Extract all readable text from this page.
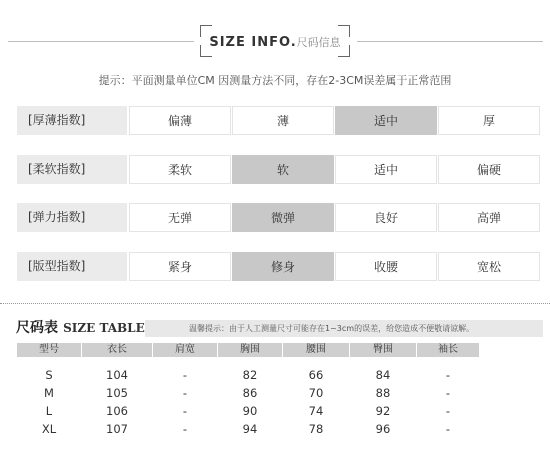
SIZE INFO.尺码信息
提示：平面测量单位CM 因测量方法不同，存在2-3CM误差属于正常范围
[厚薄指数]	偏薄	薄	适中	厚
[柔软指数]	柔软	软	适中	偏硬
[弹力指数]	无弹	微弹	良好	高弹
[版型指数]	紧身	修身	收腰	宽松
尺码表 SIZE TABLE	温馨提示：由于人工测量尺寸可能存在1~3cm的误差，给您造成不便敬请谅解。
型号	衣长	肩宽	胸围	腰围	臀围	袖长
S	104	-	82	66	84	-
M	105	-	86	70	88	-
L	106	-	90	74	92	-
XL	107	-	94	78	96	-
